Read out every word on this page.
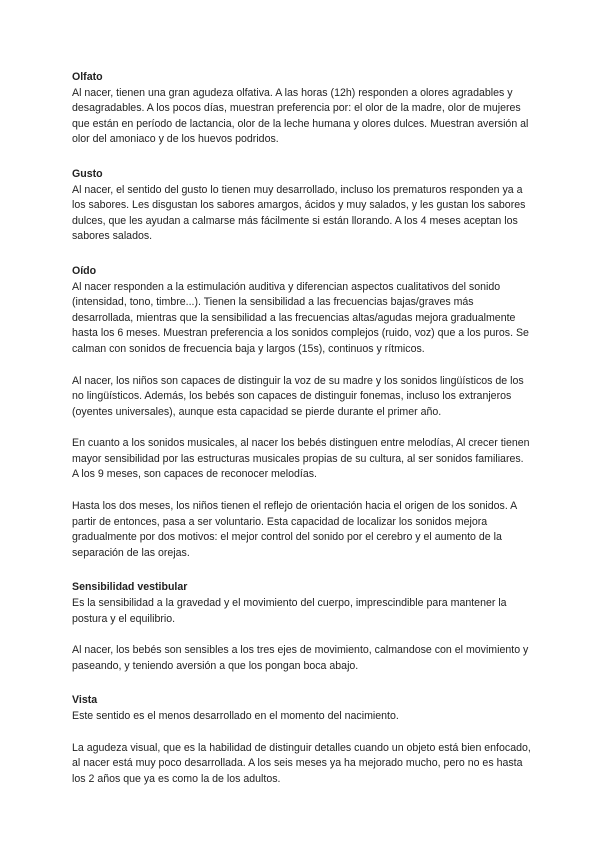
Olfato

Al nacer, tienen una gran agudeza olfativa. A las horas (12h) responden a olores agradables y desagradables. A los pocos días, muestran preferencia por: el olor de la madre, olor de mujeres que están en período de lactancia, olor de la leche humana y olores dulces. Muestran aversión al olor del amoniaco y de los huevos podridos.

Gusto

Al nacer, el sentido del gusto lo tienen muy desarrollado, incluso los prematuros responden ya a los sabores. Les disgustan los sabores amargos, ácidos y muy salados, y les gustan los sabores dulces, que les ayudan a calmarse más fácilmente si están llorando. A los 4 meses aceptan los sabores salados.

Oído

Al nacer responden a la estimulación auditiva y diferencian aspectos cualitativos del sonido (intensidad, tono, timbre...). Tienen la sensibilidad a las frecuencias bajas/graves más desarrollada, mientras que la sensibilidad a las frecuencias altas/agudas mejora gradualmente hasta los 6 meses. Muestran preferencia a los sonidos complejos (ruido, voz) que a los puros. Se calman con sonidos de frecuencia baja y largos (15s), continuos y rítmicos.

Al nacer, los niños son capaces de distinguir la voz de su madre y los sonidos lingüísticos de los no lingüísticos. Además, los bebés son capaces de distinguir fonemas, incluso los extranjeros (oyentes universales), aunque esta capacidad se pierde durante el primer año.

En cuanto a los sonidos musicales, al nacer los bebés distinguen entre melodías, Al crecer tienen mayor sensibilidad por las estructuras musicales propias de su cultura, al ser sonidos familiares. A los 9 meses, son capaces de reconocer melodías.

Hasta los dos meses, los niños tienen el reflejo de orientación hacia el origen de los sonidos. A partir de entonces, pasa a ser voluntario. Esta capacidad de localizar los sonidos mejora gradualmente por dos motivos: el mejor control del sonido por el cerebro y el aumento de la separación de las orejas.

Sensibilidad vestibular

Es la sensibilidad a la gravedad y el movimiento del cuerpo, imprescindible para mantener la postura y el equilibrio.

Al nacer, los bebés son sensibles a los tres ejes de movimiento, calmandose con el movimiento y paseando, y teniendo aversión a que los pongan boca abajo.

Vista

Este sentido es el menos desarrollado en el momento del nacimiento.

La agudeza visual, que es la habilidad de distinguir detalles cuando un objeto está bien enfocado, al nacer está muy poco desarrollada. A los seis meses ya ha mejorado mucho, pero no es hasta los 2 años que ya es como la de los adultos.
